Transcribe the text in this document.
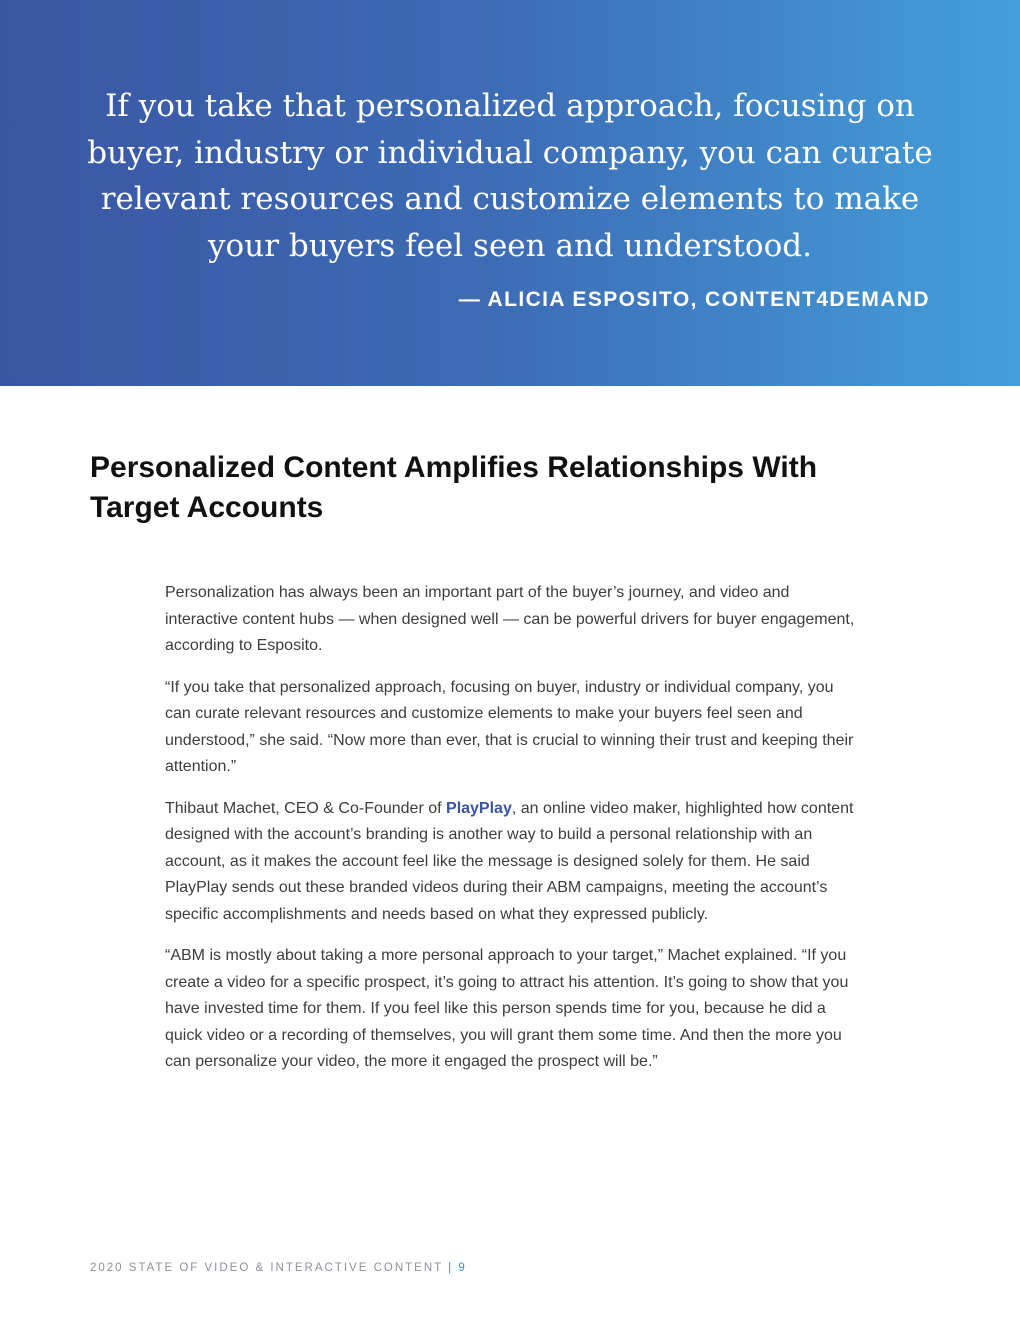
If you take that personalized approach, focusing on buyer, industry or individual company, you can curate relevant resources and customize elements to make your buyers feel seen and understood.

— ALICIA ESPOSITO, CONTENT4DEMAND

Personalized Content Amplifies Relationships With Target Accounts

Personalization has always been an important part of the buyer’s journey, and video and interactive content hubs — when designed well — can be powerful drivers for buyer engagement, according to Esposito.

“If you take that personalized approach, focusing on buyer, industry or individual company, you can curate relevant resources and customize elements to make your buyers feel seen and understood,” she said. “Now more than ever, that is crucial to winning their trust and keeping their attention.”

Thibaut Machet, CEO & Co-Founder of PlayPlay, an online video maker, highlighted how content designed with the account’s branding is another way to build a personal relationship with an account, as it makes the account feel like the message is designed solely for them. He said PlayPlay sends out these branded videos during their ABM campaigns, meeting the account’s specific accomplishments and needs based on what they expressed publicly.

“ABM is mostly about taking a more personal approach to your target,” Machet explained. “If you create a video for a specific prospect, it’s going to attract his attention. It’s going to show that you have invested time for them. If you feel like this person spends time for you, because he did a quick video or a recording of themselves, you will grant them some time. And then the more you can personalize your video, the more it engaged the prospect will be.”

2020 STATE OF VIDEO & INTERACTIVE CONTENT | 9
